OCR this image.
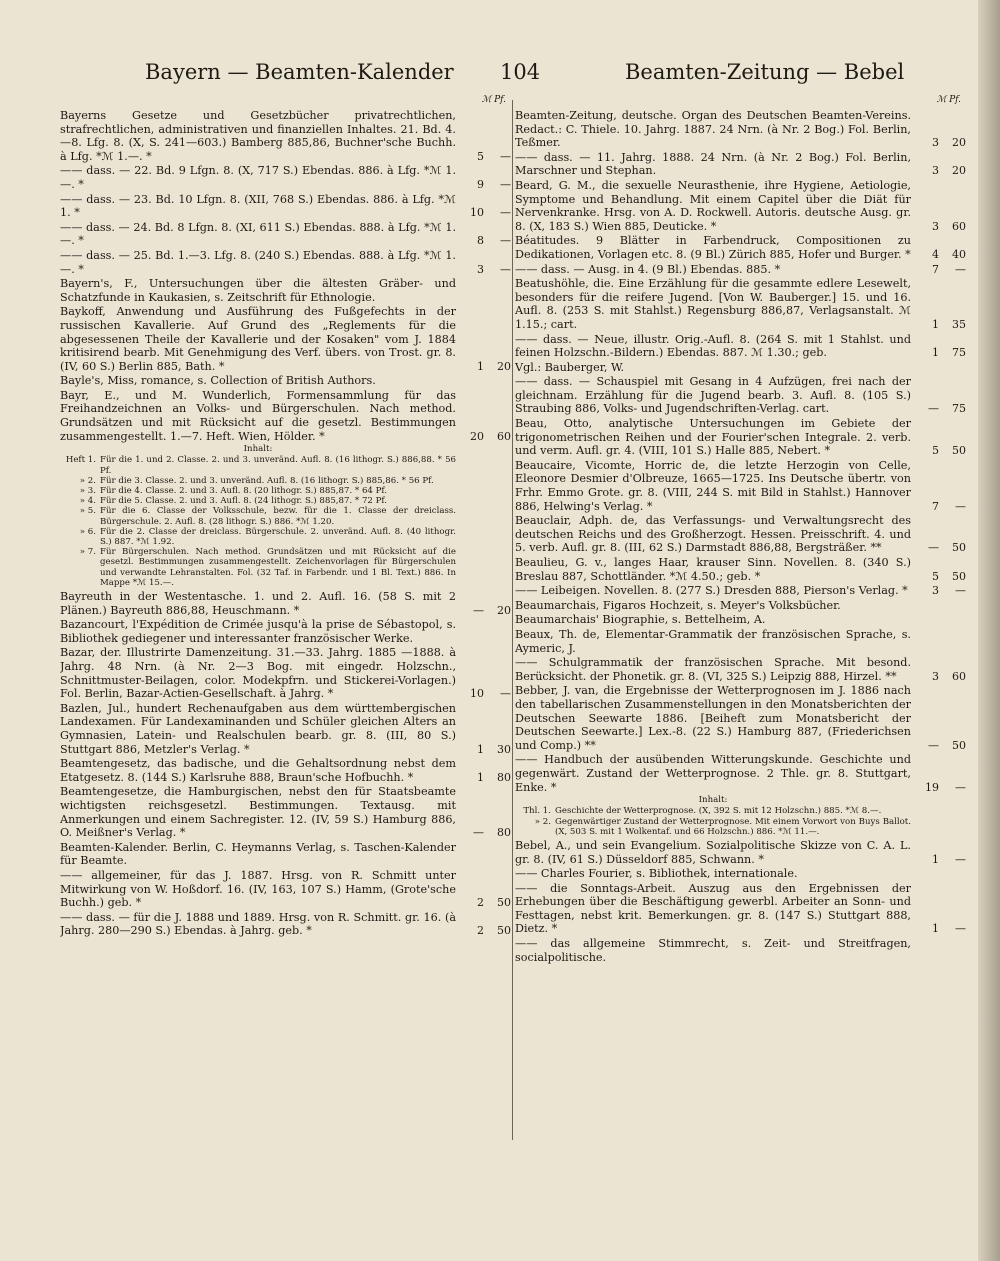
Bayern — Beamten-Kalender 104	Beamten-Zeitung — Bebel
ℳ Pf.
Bayerns Gesetze und Gesetzbücher privatrechtlichen, strafrechtlichen, administrativen und finanziellen Inhaltes. 21. Bd. 4.—8. Lfg. 8. (X, S. 241—603.) Bamberg 885,86, Buchner'sche Buchh. à Lfg. *ℳ 1.—. *	5 —
—— dass. — 22. Bd. 9 Lfgn. 8. (X, 717 S.) Ebendas. 886. à Lfg. *ℳ 1.—. *	9 —
—— dass. — 23. Bd. 10 Lfgn. 8. (XII, 768 S.) Ebendas. 886. à Lfg. *ℳ 1. *	10 —
—— dass. — 24. Bd. 8 Lfgn. 8. (XI, 611 S.) Ebendas. 888. à Lfg. *ℳ 1.—. *	8 —
—— dass. — 25. Bd. 1.—3. Lfg. 8. (240 S.) Ebendas. 888. à Lfg. *ℳ 1.—. *	3 —
Bayern's, F., Untersuchungen über die ältesten Gräber- und Schatzfunde in Kaukasien, s. Zeitschrift für Ethnologie.
Baykoff, Anwendung und Ausführung des Fußgefechts in der russischen Kavallerie. Auf Grund des „Reglements für die abgesessenen Theile der Kavallerie und der Kosaken" vom J. 1884 kritisirend bearb. Mit Genehmigung des Verf. übers. von Trost. gr. 8. (IV, 60 S.) Berlin 885, Bath. *	1 20
Bayle's, Miss, romance, s. Collection of British Authors.
Bayr, E., und M. Wunderlich, Formensammlung für das Freihandzeichnen an Volks- und Bürgerschulen. Nach method. Grundsätzen und mit Rücksicht auf die gesetzl. Bestimmungen zusammengestellt. 1.—7. Heft. Wien, Hölder. *	20 60
Inhalt:
Heft 1. Für die 1. und 2. Classe. 2. und 3. unveränd. Aufl. 8. (16 lithogr. S.) 886,88. * 56 Pf.
» 2. Für die 3. Classe. 2. und 3. unveränd. Aufl. 8. (16 lithogr. S.) 885,86. * 56 Pf.
» 3. Für die 4. Classe. 2. und 3. Aufl. 8. (20 lithogr. S.) 885,87. * 64 Pf.
» 4. Für die 5. Classe. 2. und 3. Aufl. 8. (24 lithogr. S.) 885,87. * 72 Pf.
» 5. Für die 6. Classe der Volksschule, bezw. für die 1. Classe der dreiclass. Bürgerschule. 2. Aufl. 8. (28 lithogr. S.) 886. *ℳ 1.20.
» 6. Für die 2. Classe der dreiclass. Bürgerschule. 2. unveränd. Aufl. 8. (40 lithogr. S.) 887. *ℳ 1.92.
» 7. Für Bürgerschulen. Nach method. Grundsätzen und mit Rücksicht auf die gesetzl. Bestimmungen zusammengestellt. Zeichenvorlagen für Bürgerschulen und verwandte Lehranstalten. Fol. (32 Taf. in Farbendr. und 1 Bl. Text.) 886. In Mappe *ℳ 15.—.
Bayreuth in der Westentasche. 1. und 2. Aufl. 16. (58 S. mit 2 Plänen.) Bayreuth 886,88, Heuschmann. *	— 20
Bazancourt, l'Expédition de Crimée jusqu'à la prise de Sébastopol, s. Bibliothek gediegener und interessanter französischer Werke.
Bazar, der. Illustrirte Damenzeitung. 31.—33. Jahrg. 1885 —1888. à Jahrg. 48 Nrn. (à Nr. 2—3 Bog. mit eingedr. Holzschn., Schnittmuster-Beilagen, color. Modekpfrn. und Stickerei-Vorlagen.) Fol. Berlin, Bazar-Actien-Gesellschaft. à Jahrg. *	10 —
Bazlen, Jul., hundert Rechenaufgaben aus dem württembergischen Landexamen. Für Landexaminanden und Schüler gleichen Alters an Gymnasien, Latein- und Realschulen bearb. gr. 8. (III, 80 S.) Stuttgart 886, Metzler's Verlag. *	1 30
Beamtengesetz, das badische, und die Gehaltsordnung nebst dem Etatgesetz. 8. (144 S.) Karlsruhe 888, Braun'sche Hofbuchh. *	1 80
Beamtengesetze, die Hamburgischen, nebst den für Staatsbeamte wichtigsten reichsgesetzl. Bestimmungen. Textausg. mit Anmerkungen und einem Sachregister. 12. (IV, 59 S.) Hamburg 886, O. Meißner's Verlag. *	— 80
Beamten-Kalender. Berlin, C. Heymanns Verlag, s. Taschen-Kalender für Beamte.
—— allgemeiner, für das J. 1887. Hrsg. von R. Schmitt unter Mitwirkung von W. Hoßdorf. 16. (IV, 163, 107 S.) Hamm, (Grote'sche Buchh.) geb. *	2 50
—— dass. — für die J. 1888 und 1889. Hrsg. von R. Schmitt. gr. 16. (à Jahrg. 280—290 S.) Ebendas. à Jahrg. geb. *	2 50
ℳ Pf.
Beamten-Zeitung, deutsche. Organ des Deutschen Beamten-Vereins. Redact.: C. Thiele. 10. Jahrg. 1887. 24 Nrn. (à Nr. 2 Bog.) Fol. Berlin, Teßmer.	3 20
—— dass. — 11. Jahrg. 1888. 24 Nrn. (à Nr. 2 Bog.) Fol. Berlin, Marschner und Stephan.	3 20
Beard, G. M., die sexuelle Neurasthenie, ihre Hygiene, Aetiologie, Symptome und Behandlung. Mit einem Capitel über die Diät für Nervenkranke. Hrsg. von A. D. Rockwell. Autoris. deutsche Ausg. gr. 8. (X, 183 S.) Wien 885, Deuticke. *	3 60
Béatitudes. 9 Blätter in Farbendruck, Compositionen zu Dedikationen, Vorlagen etc. 8. (9 Bl.) Zürich 885, Hofer und Burger. *	4 40
—— dass. — Ausg. in 4. (9 Bl.) Ebendas. 885. *	7 —
Beatushöhle, die. Eine Erzählung für die gesammte edlere Lesewelt, besonders für die reifere Jugend. [Von W. Bauberger.] 15. und 16. Aufl. 8. (253 S. mit Stahlst.) Regensburg 886,87, Verlagsanstalt. ℳ 1.15.; cart.	1 35
—— dass. — Neue, illustr. Orig.-Aufl. 8. (264 S. mit 1 Stahlst. und feinen Holzschn.-Bildern.) Ebendas. 887. ℳ 1.30.; geb.	1 75
Vgl.: Bauberger, W.
—— dass. — Schauspiel mit Gesang in 4 Aufzügen, frei nach der gleichnam. Erzählung für die Jugend bearb. 3. Aufl. 8. (105 S.) Straubing 886, Volks- und Jugendschriften-Verlag. cart.	— 75
Beau, Otto, analytische Untersuchungen im Gebiete der trigonometrischen Reihen und der Fourier'schen Integrale. 2. verb. und verm. Aufl. gr. 4. (VIII, 101 S.) Halle 885, Nebert. *	5 50
Beaucaire, Vicomte, Horric de, die letzte Herzogin von Celle, Eleonore Desmier d'Olbreuze, 1665—1725. Ins Deutsche übertr. von Frhr. Emmo Grote. gr. 8. (VIII, 244 S. mit Bild in Stahlst.) Hannover 886, Helwing's Verlag. *	7 —
Beauclair, Adph. de, das Verfassungs- und Verwaltungsrecht des deutschen Reichs und des Großherzogt. Hessen. Preisschrift. 4. und 5. verb. Aufl. gr. 8. (III, 62 S.) Darmstadt 886,88, Bergsträßer. **	— 50
Beaulieu, G. v., langes Haar, krauser Sinn. Novellen. 8. (340 S.) Breslau 887, Schottländer. *ℳ 4.50.; geb. *	5 50
—— Leibeigen. Novellen. 8. (277 S.) Dresden 888, Pierson's Verlag. *	3 —
Beaumarchais, Figaros Hochzeit, s. Meyer's Volksbücher.
Beaumarchais' Biographie, s. Bettelheim, A.
Beaux, Th. de, Elementar-Grammatik der französischen Sprache, s. Aymeric, J.
—— Schulgrammatik der französischen Sprache. Mit besond. Berücksicht. der Phonetik. gr. 8. (VI, 325 S.) Leipzig 888, Hirzel. **	3 60
Bebber, J. van, die Ergebnisse der Wetterprognosen im J. 1886 nach den tabellarischen Zusammenstellungen in den Monatsberichten der Deutschen Seewarte 1886. [Beiheft zum Monatsbericht der Deutschen Seewarte.] Lex.-8. (22 S.) Hamburg 887, (Friederichsen und Comp.) **	— 50
—— Handbuch der ausübenden Witterungskunde. Geschichte und gegenwärt. Zustand der Wetterprognose. 2 Thle. gr. 8. Stuttgart, Enke. *	19 —
Inhalt:
Thl. 1. Geschichte der Wetterprognose. (X, 392 S. mit 12 Holzschn.) 885. *ℳ 8.—.
» 2. Gegenwärtiger Zustand der Wetterprognose. Mit einem Vorwort von Buys Ballot. (X, 503 S. mit 1 Wolkentaf. und 66 Holzschn.) 886. *ℳ 11.—.
Bebel, A., und sein Evangelium. Sozialpolitische Skizze von C. A. L. gr. 8. (IV, 61 S.) Düsseldorf 885, Schwann. *	1 —
—— Charles Fourier, s. Bibliothek, internationale.
—— die Sonntags-Arbeit. Auszug aus den Ergebnissen der Erhebungen über die Beschäftigung gewerbl. Arbeiter an Sonn- und Festtagen, nebst krit. Bemerkungen. gr. 8. (147 S.) Stuttgart 888, Dietz. *	1 —
—— das allgemeine Stimmrecht, s. Zeit- und Streitfragen, socialpolitische.
